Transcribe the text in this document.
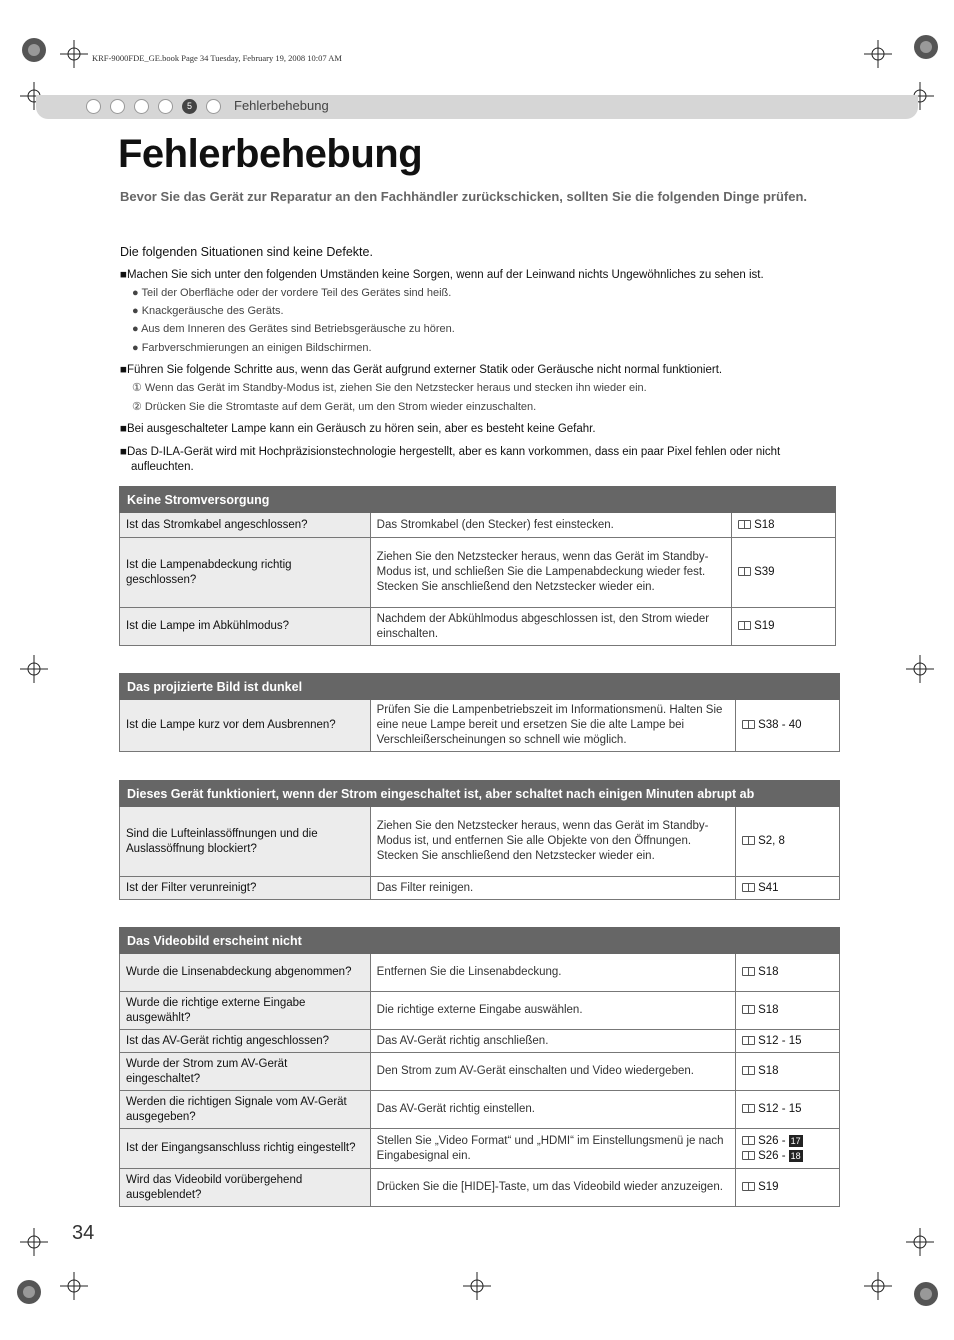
KRF-9000FDE_GE.book Page 34 Tuesday, February 19, 2008 10:07 AM
5	Fehlerbehebung
Fehlerbehebung
Bevor Sie das Gerät zur Reparatur an den Fachhändler zurückschicken, sollten Sie die folgenden Dinge prüfen.
Die folgenden Situationen sind keine Defekte.
■Machen Sie sich unter den folgenden Umständen keine Sorgen, wenn auf der Leinwand nichts Ungewöhnliches zu sehen ist.
● Teil der Oberfläche oder der vordere Teil des Gerätes sind heiß.
● Knackgeräusche des Geräts.
● Aus dem Inneren des Gerätes sind Betriebsgeräusche zu hören.
● Farbverschmierungen an einigen Bildschirmen.
■Führen Sie folgende Schritte aus, wenn das Gerät aufgrund externer Statik oder Geräusche nicht normal funktioniert.
① Wenn das Gerät im Standby-Modus ist, ziehen Sie den Netzstecker heraus und stecken ihn wieder ein.
② Drücken Sie die Stromtaste auf dem Gerät, um den Strom wieder einzuschalten.
■Bei ausgeschalteter Lampe kann ein Geräusch zu hören sein, aber es besteht keine Gefahr.
■Das D-ILA-Gerät wird mit Hochpräzisionstechnologie hergestellt, aber es kann vorkommen, dass ein paar Pixel fehlen oder nicht aufleuchten.
Keine Stromversorgung		
Ist das Stromkabel angeschlossen?	Das Stromkabel (den Stecker) fest einstecken.	S18
Ist die Lampenabdeckung richtig geschlossen?	Ziehen Sie den Netzstecker heraus, wenn das Gerät im Standby-Modus ist, und schließen Sie die Lampenabdeckung wieder fest. Stecken Sie anschließend den Netzstecker wieder ein.	S39
Ist die Lampe im Abkühlmodus?	Nachdem der Abkühlmodus abgeschlossen ist, den Strom wieder einschalten.	S19
Das projizierte Bild ist dunkel
Ist die Lampe kurz vor dem Ausbrennen?	Prüfen Sie die Lampenbetriebszeit im Informationsmenü. Halten Sie eine neue Lampe bereit und ersetzen Sie die alte Lampe bei Verschleißerscheinungen so schnell wie möglich.	S38 - 40
Dieses Gerät funktioniert, wenn der Strom eingeschaltet ist, aber schaltet nach einigen Minuten abrupt ab		
Sind die Lufteinlassöffnungen und die Auslassöffnung blockiert?	Ziehen Sie den Netzstecker heraus, wenn das Gerät im Standby-Modus ist, und entfernen Sie alle Objekte von den Öffnungen. Stecken Sie anschließend den Netzstecker wieder ein.	S2, 8
Ist der Filter verunreinigt?	Das Filter reinigen.	S41
Das Videobild erscheint nicht		
Wurde die Linsenabdeckung abgenommen?	Entfernen Sie die Linsenabdeckung.	S18
Wurde die richtige externe Eingabe ausgewählt?	Die richtige externe Eingabe auswählen.	S18
Ist das AV-Gerät richtig angeschlossen?	Das AV-Gerät richtig anschließen.	S12 - 15
Wurde der Strom zum AV-Gerät eingeschaltet?	Den Strom zum AV-Gerät einschalten und Video wiedergeben.	S18
Werden die richtigen Signale vom AV-Gerät ausgegeben?	Das AV-Gerät richtig einstellen.	S12 - 15
Ist der Eingangsanschluss richtig eingestellt?	Stellen Sie „Video Format“ und „HDMI“ im Einstellungsmenü je nach Eingabesignal ein.	S26 - 17
S26 - 18

Wird das Videobild vorübergehend ausgeblendet?	Drücken Sie die [HIDE]-Taste, um das Videobild wieder anzuzeigen.	S19
34
